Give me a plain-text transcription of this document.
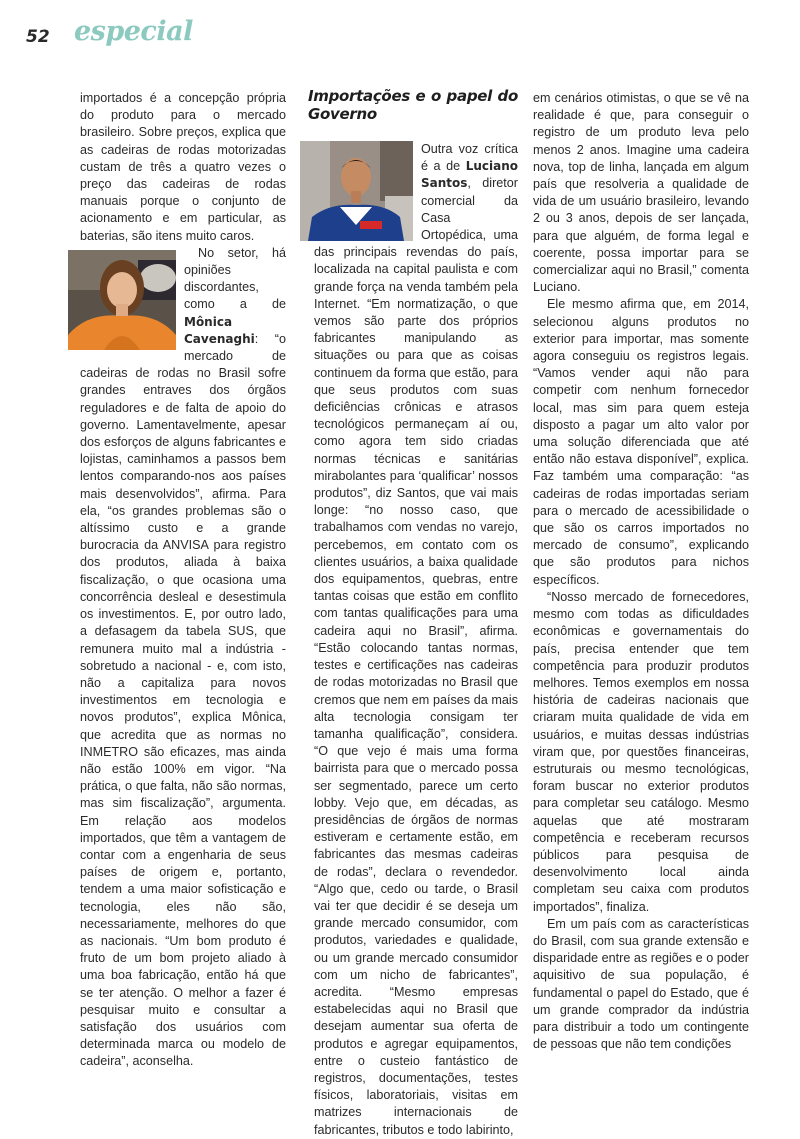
52 especial

importados é a concepção própria do produto para o mercado brasileiro. Sobre preços, explica que as cadeiras de rodas motorizadas custam de três a quatro vezes o preço das cadeiras de rodas manuais porque o conjunto de acionamento e em particular, as baterias, são itens muito caros.

No setor, há opiniões discordantes, como a de Mônica Cavenaghi: “o mercado de cadeiras de rodas no Brasil sofre grandes entraves dos órgãos reguladores e de falta de apoio do governo. Lamentavelmente, apesar dos esforços de alguns fabricantes e lojistas, caminhamos a passos bem lentos comparando-nos aos países mais desenvolvidos”, afirma. Para ela, “os grandes problemas são o altíssimo custo e a grande burocracia da ANVISA para registro dos produtos, aliada à baixa fiscalização, o que ocasiona uma concorrência desleal e desestimula os investimentos. E, por outro lado, a defasagem da tabela SUS, que remunera muito mal a indústria - sobretudo a nacional - e, com isto, não a capitaliza para novos investimentos em tecnologia e novos produtos”, explica Mônica, que acredita que as normas no INMETRO são eficazes, mas ainda não estão 100% em vigor. “Na prática, o que falta, não são normas, mas sim fiscalização”, argumenta. Em relação aos modelos importados, que têm a vantagem de contar com a engenharia de seus países de origem e, portanto, tendem a uma maior sofisticação e tecnologia, eles não são, necessariamente, melhores do que as nacionais. “Um bom produto é fruto de um bom projeto aliado à uma boa fabricação, então há que se ter atenção. O melhor a fazer é pesquisar muito e consultar a satisfação dos usuários com determinada marca ou modelo de cadeira”, aconselha.

Importações e o papel do Governo

Outra voz crítica é a de Luciano Santos, diretor comercial da Casa Ortopédica, uma das principais revendas do país, localizada na capital paulista e com grande força na venda também pela Internet. “Em normatização, o que vemos são parte dos próprios fabricantes manipulando as situações ou para que as coisas continuem da forma que estão, para que seus produtos com suas deficiências crônicas e atrasos tecnológicos permaneçam aí ou, como agora tem sido criadas normas técnicas e sanitárias mirabolantes para ‘qualificar’ nossos produtos”, diz Santos, que vai mais longe: “no nosso caso, que trabalhamos com vendas no varejo, percebemos, em contato com os clientes usuários, a baixa qualidade dos equipamentos, quebras, entre tantas coisas que estão em conflito com tantas qualificações para uma cadeira aqui no Brasil”, afirma. “Estão colocando tantas normas, testes e certificações nas cadeiras de rodas motorizadas no Brasil que cremos que nem em países da mais alta tecnologia consigam ter tamanha qualificação”, considera. “O que vejo é mais uma forma bairrista para que o mercado possa ser segmentado, parece um certo lobby. Vejo que, em décadas, as presidências de órgãos de normas estiveram e certamente estão, em fabricantes das mesmas cadeiras de rodas”, declara o revendedor. “Algo que, cedo ou tarde, o Brasil vai ter que decidir é se deseja um grande mercado consumidor, com produtos, variedades e qualidade, ou um grande mercado consumidor com um nicho de fabricantes”, acredita. “Mesmo empresas estabelecidas aqui no Brasil que desejam aumentar sua oferta de produtos e agregar equipamentos, entre o custeio fantástico de registros, documentações, testes físicos, laboratoriais, visitas em matrizes internacionais de fabricantes, tributos e todo labirinto,

em cenários otimistas, o que se vê na realidade é que, para conseguir o registro de um produto leva pelo menos 2 anos. Imagine uma cadeira nova, top de linha, lançada em algum país que resolveria a qualidade de vida de um usuário brasileiro, levando 2 ou 3 anos, depois de ser lançada, para que alguém, de forma legal e coerente, possa importar para se comercializar aqui no Brasil,” comenta Luciano.

Ele mesmo afirma que, em 2014, selecionou alguns produtos no exterior para importar, mas somente agora conseguiu os registros legais. “Vamos vender aqui não para competir com nenhum fornecedor local, mas sim para quem esteja disposto a pagar um alto valor por uma solução diferenciada que até então não estava disponível”, explica. Faz também uma comparação: “as cadeiras de rodas importadas seriam para o mercado de acessibilidade o que são os carros importados no mercado de consumo”, explicando que são produtos para nichos específicos.

“Nosso mercado de fornecedores, mesmo com todas as dificuldades econômicas e governamentais do país, precisa entender que tem competência para produzir produtos melhores. Temos exemplos em nossa história de cadeiras nacionais que criaram muita qualidade de vida em usuários, e muitas dessas indústrias viram que, por questões financeiras, estruturais ou mesmo tecnológicas, foram buscar no exterior produtos para completar seu catálogo. Mesmo aquelas que até mostraram competência e receberam recursos públicos para pesquisa de desenvolvimento local ainda completam seu caixa com produtos importados”, finaliza.

Em um país com as características do Brasil, com sua grande extensão e disparidade entre as regiões e o poder aquisitivo de sua população, é fundamental o papel do Estado, que é um grande comprador da indústria para distribuir a todo um contingente de pessoas que não tem condições
